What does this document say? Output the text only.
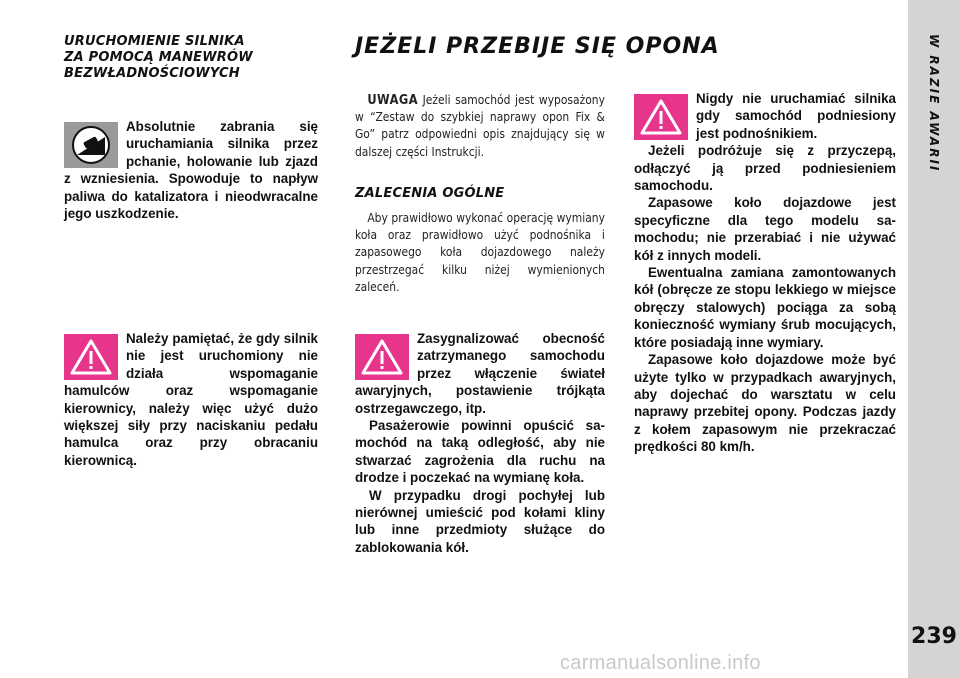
W RAZIE AWARII
239

URUCHOMIENIE SILNIKA

ZA POMOCĄ MANEWRÓW

BEZWŁADNOŚCIOWYCH

Absolutnie zabrania się uruchamiania silnika przez pchanie, holowanie lub zjazd z wzniesienia. Spowoduje to napływ paliwa do katalizatora i nieodwracalne jego uszkodzenie.

Należy pamiętać, że gdy silnik nie jest uruchomiony nie działa wspomaganie hamulców oraz wspomaganie kierownicy, należy więc użyć dużo większej siły przy naciskaniu pedału hamulca oraz przy obracaniu kierownicą.

JEŻELI PRZEBIJE SIĘ OPONA

UWAGA Jeżeli samochód jest wyposażony w “Zestaw do szybkiej naprawy opon Fix & Go” patrz odpowiedni opis znajdujący się w dalszej części Instrukcji.

ZALECENIA OGÓLNE

Aby prawidłowo wykonać operację wymiany koła oraz prawidłowo użyć podnośnika i zapasowego koła dojazdowego należy przestrzegać kilku niżej wymienionych zaleceń.

Zasygnalizować obecność zatrzymanego samochodu przez włączenie świateł awaryjnych, postawienie trójkąta ostrzegawczego, itp.

Pasażerowie powinni opuścić samochód na taką odległość, aby nie stwarzać zagrożenia dla ruchu na drodze i poczekać na wymianę koła.

W przypadku drogi pochyłej lub nierównej umieścić pod kołami kliny lub inne przedmioty służące do zablokowania kół.

Nigdy nie uruchamiać silnika gdy samochód podniesiony jest podnośnikiem.

Jeżeli podróżuje się z przyczepą, odłączyć ją przed podniesieniem samochodu.

Zapasowe koło dojazdowe jest specyficzne dla tego modelu samochodu; nie przerabiać i nie używać kół z innych modeli.

Ewentualna zamiana zamontowanych kół (obręcze ze stopu lekkiego w miejsce obręczy stalowych) pociąga za sobą konieczność wymiany śrub mocujących, które posiadają inne wymiary.

Zapasowe koło dojazdowe może być użyte tylko w przypadkach awaryjnych, aby dojechać do warsztatu w celu naprawy przebitej opony. Podczas jazdy z kołem zapasowym nie przekraczać prędkości 80 km/h.

carmanualsonline.info
